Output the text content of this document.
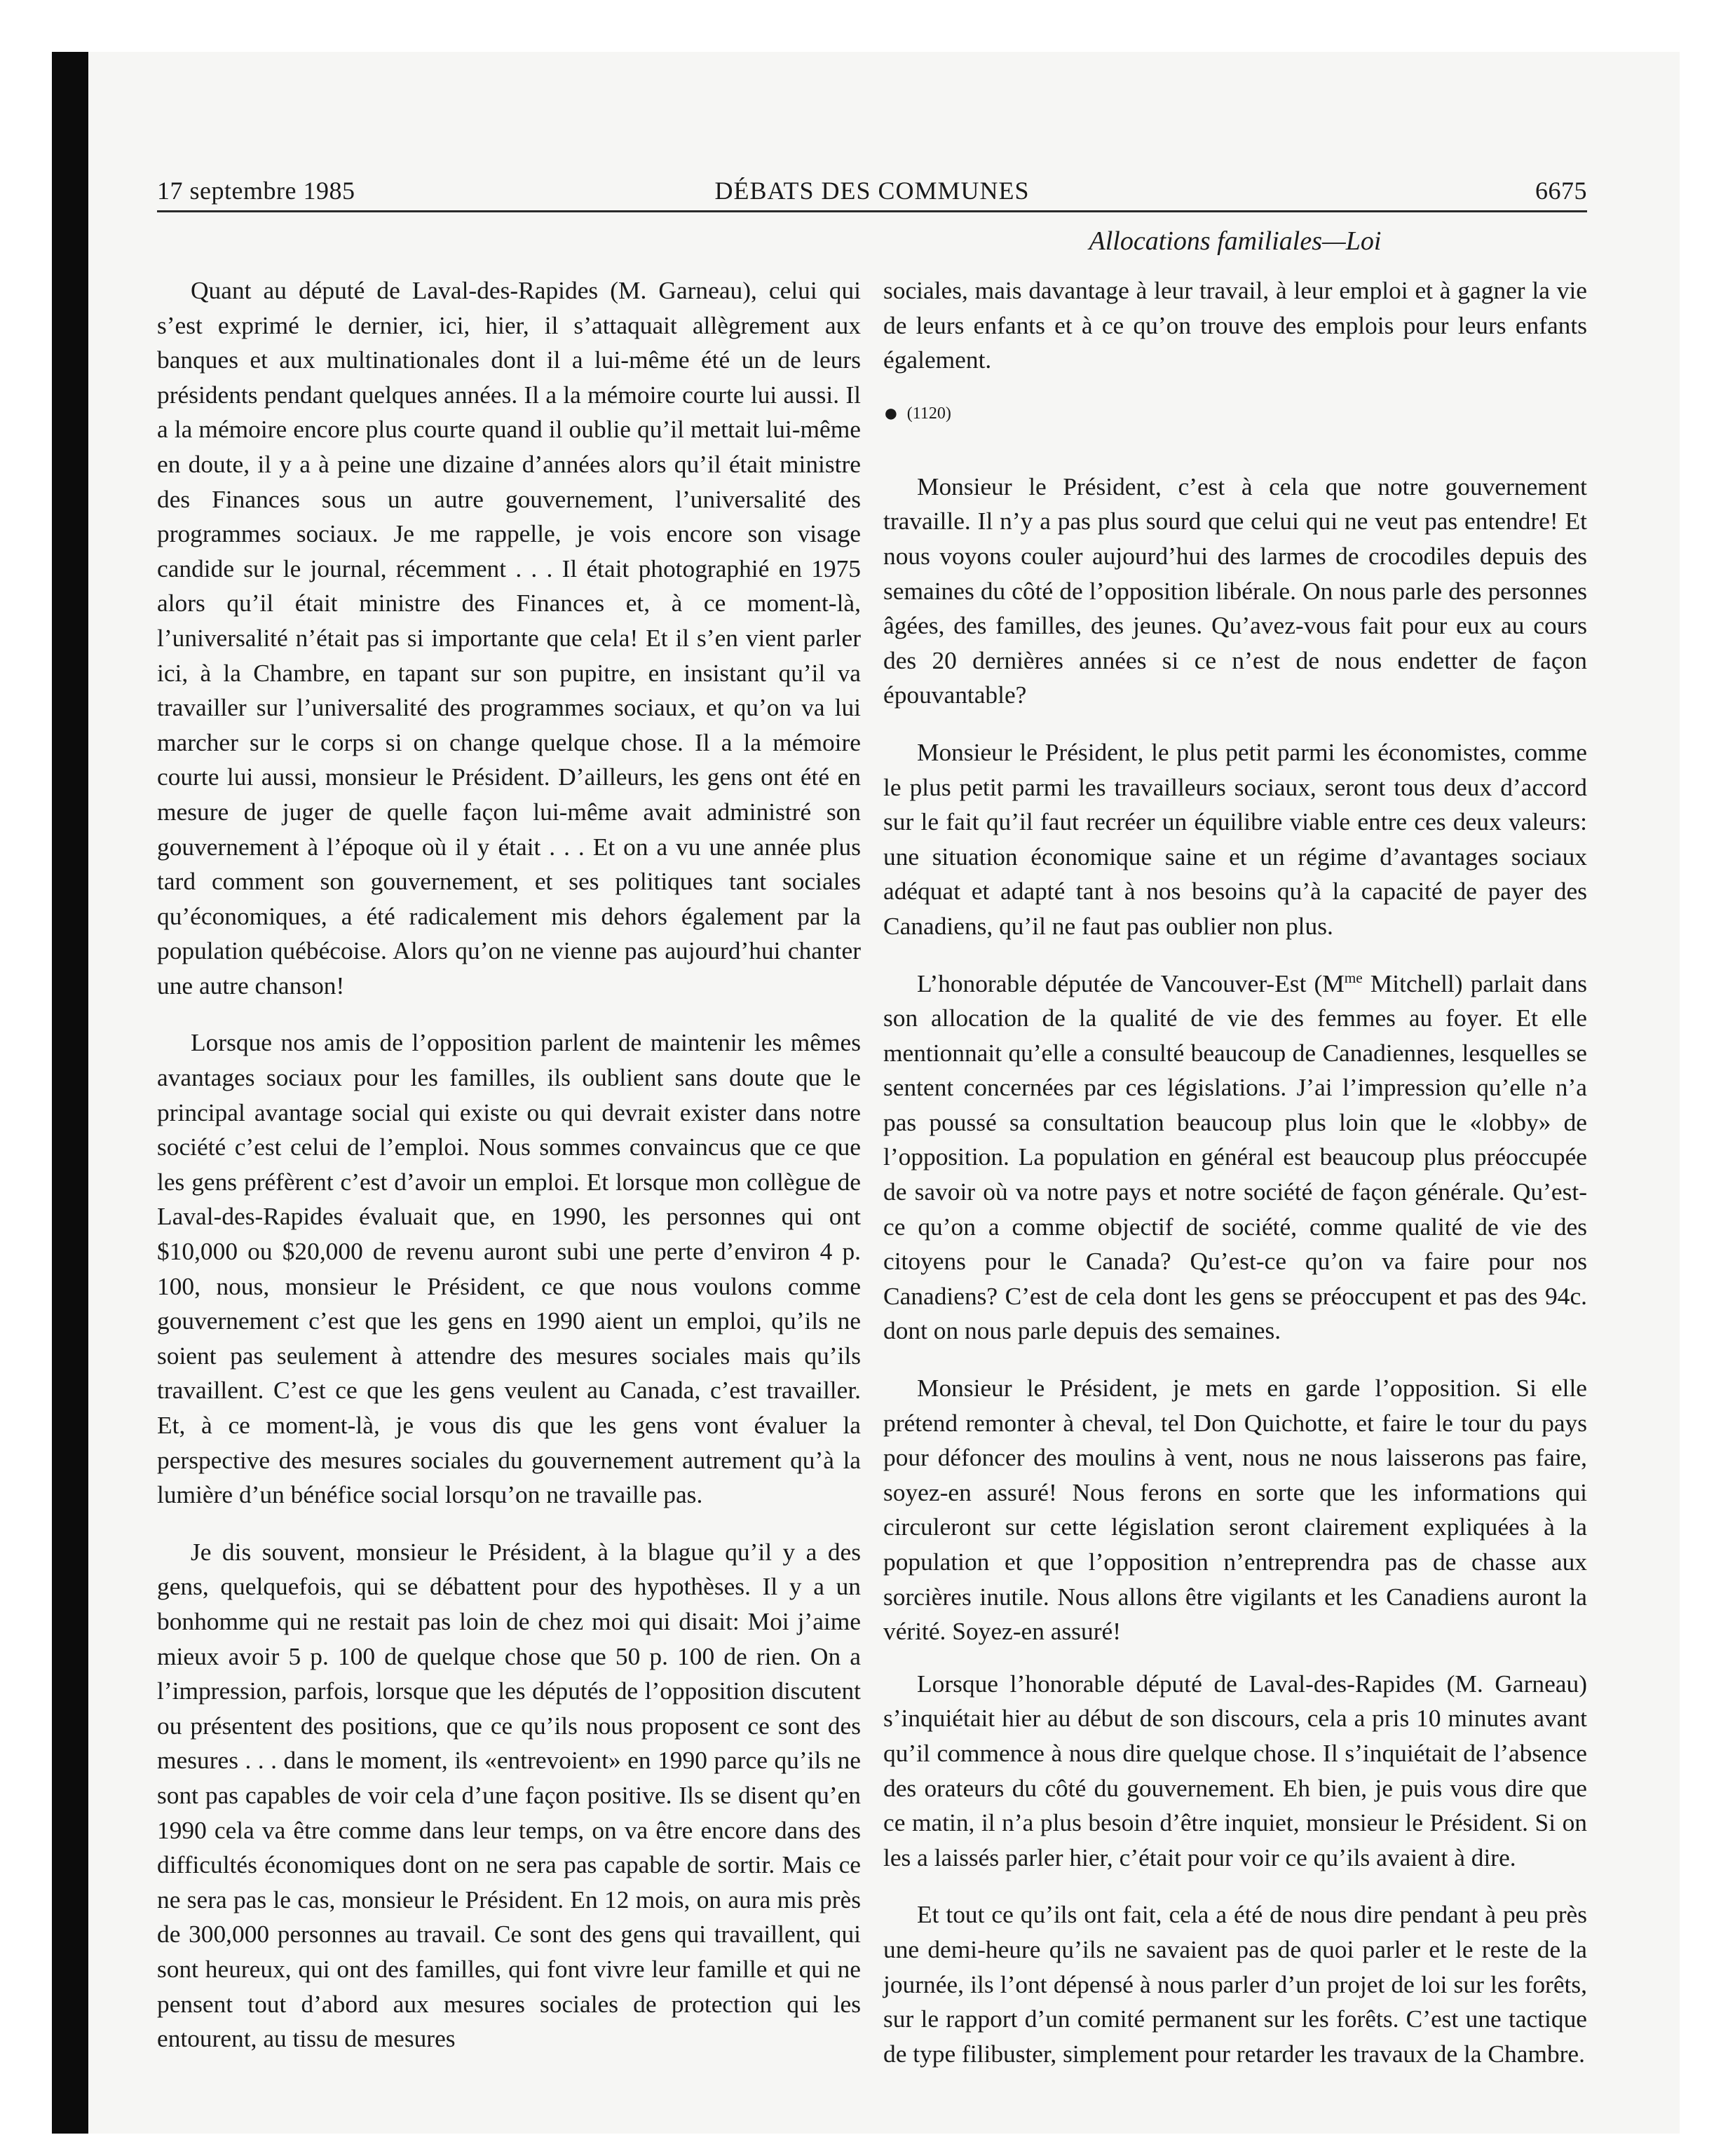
17 septembre 1985	DÉBATS DES COMMUNES	6675
Allocations familiales—Loi

Quant au député de Laval-des-Rapides (M. Garneau), celui qui s’est exprimé le dernier, ici, hier, il s’attaquait allègrement aux banques et aux multinationales dont il a lui-même été un de leurs présidents pendant quelques années. Il a la mémoire courte lui aussi. Il a la mémoire encore plus courte quand il oublie qu’il mettait lui-même en doute, il y a à peine une dizaine d’années alors qu’il était ministre des Finances sous un autre gouvernement, l’universalité des programmes sociaux. Je me rappelle, je vois encore son visage candide sur le journal, récemment . . . Il était photographié en 1975 alors qu’il était ministre des Finances et, à ce moment-là, l’universalité n’était pas si importante que cela! Et il s’en vient parler ici, à la Chambre, en tapant sur son pupitre, en insistant qu’il va travailler sur l’universalité des programmes sociaux, et qu’on va lui marcher sur le corps si on change quelque chose. Il a la mémoire courte lui aussi, monsieur le Président. D’ailleurs, les gens ont été en mesure de juger de quelle façon lui-même avait administré son gouvernement à l’époque où il y était . . . Et on a vu une année plus tard comment son gouvernement, et ses politiques tant sociales qu’économiques, a été radicalement mis dehors également par la population québécoise. Alors qu’on ne vienne pas aujourd’hui chanter une autre chanson!

Lorsque nos amis de l’opposition parlent de maintenir les mêmes avantages sociaux pour les familles, ils oublient sans doute que le principal avantage social qui existe ou qui devrait exister dans notre société c’est celui de l’emploi. Nous sommes convaincus que ce que les gens préfèrent c’est d’avoir un emploi. Et lorsque mon collègue de Laval-des-Rapides évaluait que, en 1990, les personnes qui ont $10,000 ou $20,000 de revenu auront subi une perte d’environ 4 p. 100, nous, monsieur le Président, ce que nous voulons comme gouvernement c’est que les gens en 1990 aient un emploi, qu’ils ne soient pas seulement à attendre des mesures sociales mais qu’ils travaillent. C’est ce que les gens veulent au Canada, c’est travailler. Et, à ce moment-là, je vous dis que les gens vont évaluer la perspective des mesures sociales du gouvernement autrement qu’à la lumière d’un bénéfice social lorsqu’on ne travaille pas.

Je dis souvent, monsieur le Président, à la blague qu’il y a des gens, quelquefois, qui se débattent pour des hypothèses. Il y a un bonhomme qui ne restait pas loin de chez moi qui disait: Moi j’aime mieux avoir 5 p. 100 de quelque chose que 50 p. 100 de rien. On a l’impression, parfois, lorsque que les députés de l’opposition discutent ou présentent des positions, que ce qu’ils nous proposent ce sont des mesures . . . dans le moment, ils «entrevoient» en 1990 parce qu’ils ne sont pas capables de voir cela d’une façon positive. Ils se disent qu’en 1990 cela va être comme dans leur temps, on va être encore dans des difficultés économiques dont on ne sera pas capable de sortir. Mais ce ne sera pas le cas, monsieur le Président. En 12 mois, on aura mis près de 300,000 personnes au travail. Ce sont des gens qui travaillent, qui sont heureux, qui ont des familles, qui font vivre leur famille et qui ne pensent tout d’abord aux mesures sociales de protection qui les entourent, au tissu de mesures

sociales, mais davantage à leur travail, à leur emploi et à gagner la vie de leurs enfants et à ce qu’on trouve des emplois pour leurs enfants également.

● (1120)

Monsieur le Président, c’est à cela que notre gouvernement travaille. Il n’y a pas plus sourd que celui qui ne veut pas entendre! Et nous voyons couler aujourd’hui des larmes de crocodiles depuis des semaines du côté de l’opposition libérale. On nous parle des personnes âgées, des familles, des jeunes. Qu’avez-vous fait pour eux au cours des 20 dernières années si ce n’est de nous endetter de façon épouvantable?

Monsieur le Président, le plus petit parmi les économistes, comme le plus petit parmi les travailleurs sociaux, seront tous deux d’accord sur le fait qu’il faut recréer un équilibre viable entre ces deux valeurs: une situation économique saine et un régime d’avantages sociaux adéquat et adapté tant à nos besoins qu’à la capacité de payer des Canadiens, qu’il ne faut pas oublier non plus.

L’honorable députée de Vancouver-Est ($M^{me}$ Mitchell) parlait dans son allocation de la qualité de vie des femmes au foyer. Et elle mentionnait qu’elle a consulté beaucoup de Canadiennes, lesquelles se sentent concernées par ces législations. J’ai l’impression qu’elle n’a pas poussé sa consultation beaucoup plus loin que le «lobby» de l’opposition. La population en général est beaucoup plus préoccupée de savoir où va notre pays et notre société de façon générale. Qu’est-ce qu’on a comme objectif de société, comme qualité de vie des citoyens pour le Canada? Qu’est-ce qu’on va faire pour nos Canadiens? C’est de cela dont les gens se préoccupent et pas des 94c. dont on nous parle depuis des semaines.

Monsieur le Président, je mets en garde l’opposition. Si elle prétend remonter à cheval, tel Don Quichotte, et faire le tour du pays pour défoncer des moulins à vent, nous ne nous laisserons pas faire, soyez-en assuré! Nous ferons en sorte que les informations qui circuleront sur cette législation seront clairement expliquées à la population et que l’opposition n’entreprendra pas de chasse aux sorcières inutile. Nous allons être vigilants et les Canadiens auront la vérité. Soyez-en assuré!

Lorsque l’honorable député de Laval-des-Rapides (M. Garneau) s’inquiétait hier au début de son discours, cela a pris 10 minutes avant qu’il commence à nous dire quelque chose. Il s’inquiétait de l’absence des orateurs du côté du gouvernement. Eh bien, je puis vous dire que ce matin, il n’a plus besoin d’être inquiet, monsieur le Président. Si on les a laissés parler hier, c’était pour voir ce qu’ils avaient à dire.

Et tout ce qu’ils ont fait, cela a été de nous dire pendant à peu près une demi-heure qu’ils ne savaient pas de quoi parler et le reste de la journée, ils l’ont dépensé à nous parler d’un projet de loi sur les forêts, sur le rapport d’un comité permanent sur les forêts. C’est une tactique de type filibuster, simplement pour retarder les travaux de la Chambre.
